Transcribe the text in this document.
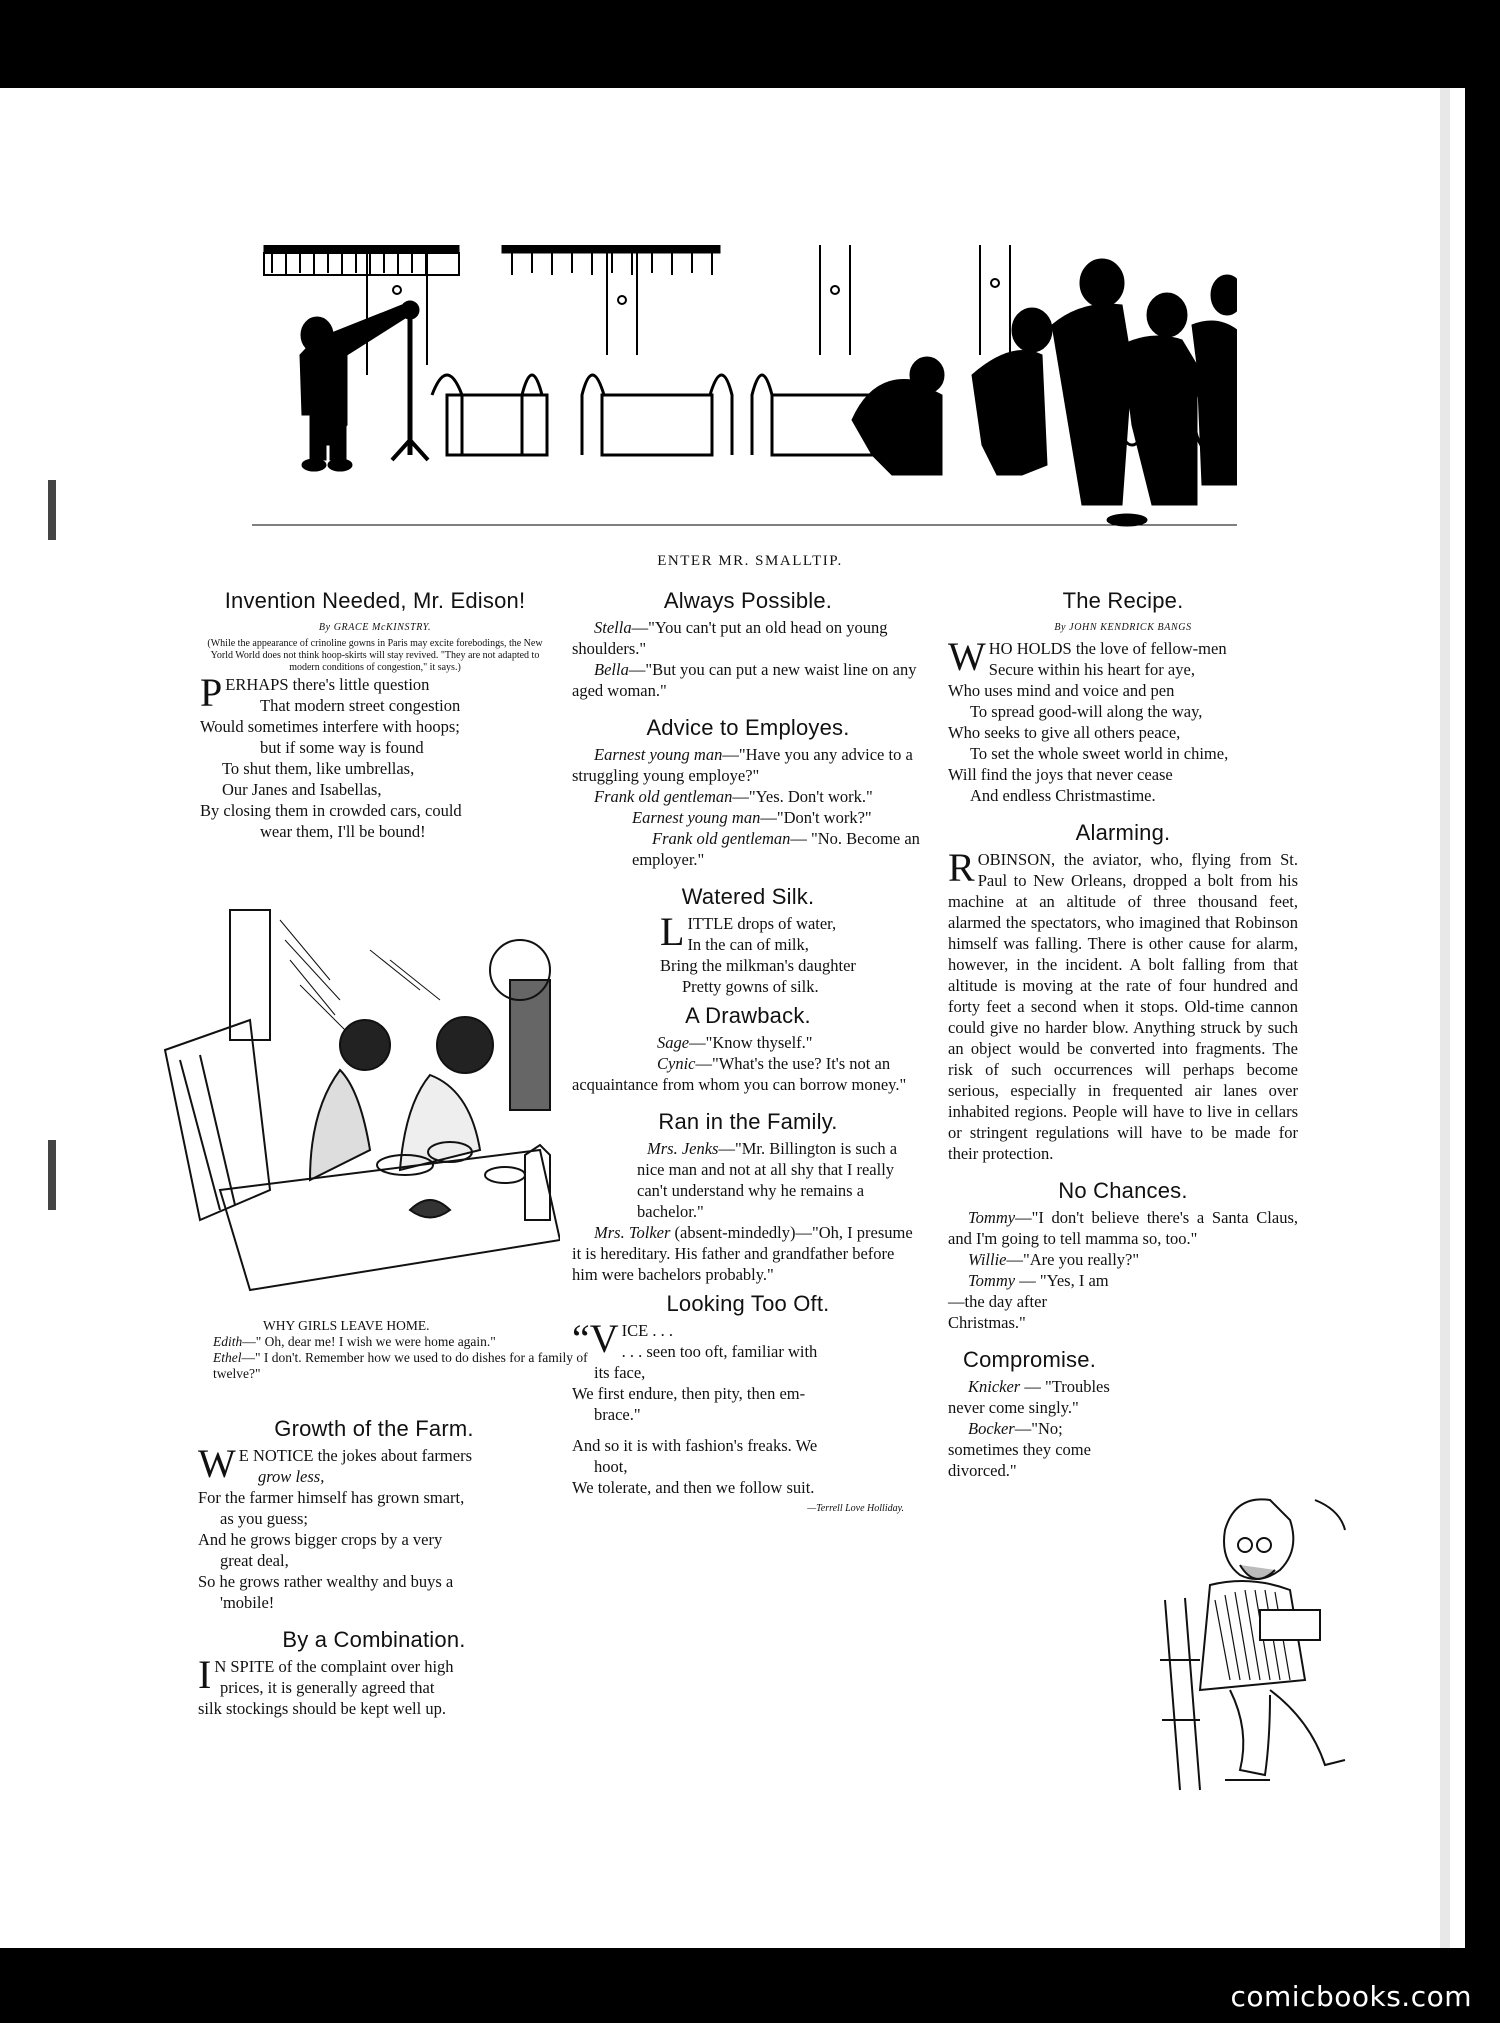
ENTER MR. SMALLTIP.
Invention Needed, Mr. Edison!

By GRACE McKINSTRY.

(While the appearance of crinoline gowns in Paris may excite forebodings, the New Yorld World does not think hoop-skirts will stay revived. "They are not adapted to modern conditions of congestion," it says.)

P ERHAPS there's little question

That modern street congestion

Would sometimes interfere with hoops;

but if some way is found

To shut them, like umbrellas,

Our Janes and Isabellas,

By closing them in crowded cars, could

wear them, I'll be bound!

WHY GIRLS LEAVE HOME.

Edith—" Oh, dear me! I wish we were home again."

Ethel—" I don't. Remember how we used to do dishes for a family of twelve?"

Growth of the Farm.
W E NOTICE the jokes about farmers

grow less,

For the farmer himself has grown smart,

as you guess;

And he grows bigger crops by a very

great deal,

So he grows rather wealthy and buys a

'mobile!

By a Combination.
I N SPITE of the complaint over high

prices, it is generally agreed that

silk stockings should be kept well up.

Always Possible.

Stella—"You can't put an old head on young shoulders."

Bella—"But you can put a new waist line on any aged woman."

Advice to Employes.

Earnest young man—"Have you any advice to a struggling young employe?"

Frank old gentleman—"Yes. Don't work."

Earnest young man—"Don't work?"

Frank old gentleman— "No. Become an employer."

Watered Silk.
L ITTLE drops of water,

In the can of milk,

Bring the milkman's daughter

Pretty gowns of silk.

A Drawback.

Sage—"Know thyself."

Cynic—"What's the use? It's not an acquaintance from whom you can borrow money."

Ran in the Family.

Mrs. Jenks—"Mr. Billington is such a nice man and not at all shy that I really can't understand why he remains a bachelor."

Mrs. Tolker (absent-mindedly)—"Oh, I presume it is hereditary. His father and grandfather before him were bachelors probably."

Looking Too Oft.
“V ICE . . .

. . . seen too oft, familiar with

its face,

We first endure, then pity, then em-

brace."

And so it is with fashion's freaks. We

hoot,

We tolerate, and then we follow suit.

—Terrell Love Holliday.

The Recipe.

By JOHN KENDRICK BANGS

W HO HOLDS the love of fellow-men

Secure within his heart for aye,

Who uses mind and voice and pen

To spread good-will along the way,

Who seeks to give all others peace,

To set the whole sweet world in chime,

Will find the joys that never cease

And endless Christmastime.

Alarming.

ROBINSON, the aviator, who, flying from St. Paul to New Orleans, dropped a bolt from his machine at an altitude of three thousand feet, alarmed the spectators, who imagined that Robinson himself was falling. There is other cause for alarm, however, in the incident. A bolt falling from that altitude is moving at the rate of four hundred and forty feet a second when it stops. Old-time cannon could give no harder blow. Anything struck by such an object would be converted into fragments. The risk of such occurrences will perhaps become serious, especially in frequented air lanes over inhabited regions. People will have to live in cellars or stringent regulations will have to be made for their protection.

No Chances.

Tommy—"I don't believe there's a Santa Claus, and I'm going to tell mamma so, too."

Willie—"Are you really?"

Tommy — "Yes, I am—the day after Christmas."

Compromise.

Knicker — "Troubles never come singly."

Bocker—"No; sometimes they come divorced."

comicbooks.com
